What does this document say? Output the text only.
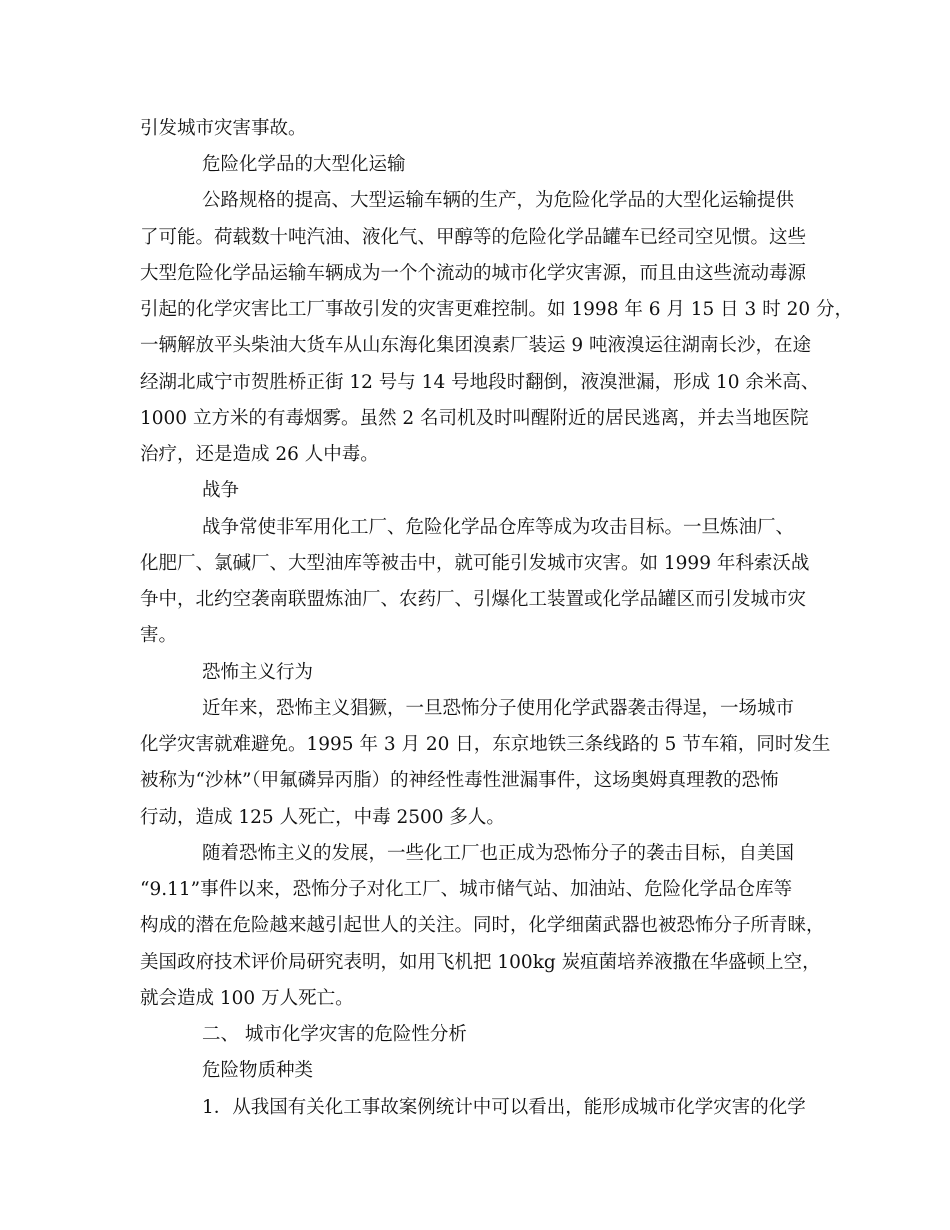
引发城市灾害事故。
危险化学品的大型化运输
公路规格的提高、大型运输车辆的生产，为危险化学品的大型化运输提供
了可能。荷载数十吨汽油、液化气、甲醇等的危险化学品罐车已经司空见惯。这些
大型危险化学品运输车辆成为一个个流动的城市化学灾害源，而且由这些流动毒源
引起的化学灾害比工厂事故引发的灾害更难控制。如 1998 年 6 月 15 日 3 时 20 分，
一辆解放平头柴油大货车从山东海化集团溴素厂装运 9 吨液溴运往湖南长沙，在途
经湖北咸宁市贺胜桥正街 12 号与 14 号地段时翻倒，液溴泄漏，形成 10 余米高、
1000 立方米的有毒烟雾。虽然 2 名司机及时叫醒附近的居民逃离，并去当地医院
治疗，还是造成 26 人中毒。
战争
战争常使非军用化工厂、危险化学品仓库等成为攻击目标。一旦炼油厂、
化肥厂、氯碱厂、大型油库等被击中，就可能引发城市灾害。如 1999 年科索沃战
争中，北约空袭南联盟炼油厂、农药厂、引爆化工装置或化学品罐区而引发城市灾
害。
恐怖主义行为
近年来，恐怖主义猖獗，一旦恐怖分子使用化学武器袭击得逞，一场城市
化学灾害就难避免。1995 年 3 月 20 日，东京地铁三条线路的 5 节车箱，同时发生
被称为“沙林”（甲氟磷异丙脂）的神经性毒性泄漏事件，这场奥姆真理教的恐怖
行动，造成 125 人死亡，中毒 2500 多人。
随着恐怖主义的发展，一些化工厂也正成为恐怖分子的袭击目标，自美国
“9.11”事件以来，恐怖分子对化工厂、城市储气站、加油站、危险化学品仓库等
构成的潜在危险越来越引起世人的关注。同时，化学细菌武器也被恐怖分子所青睐，
美国政府技术评价局研究表明，如用飞机把 100kg 炭疽菌培养液撒在华盛顿上空，
就会造成 100 万人死亡。
二、 城市化学灾害的危险性分析
危险物质种类
1．从我国有关化工事故案例统计中可以看出，能形成城市化学灾害的化学
